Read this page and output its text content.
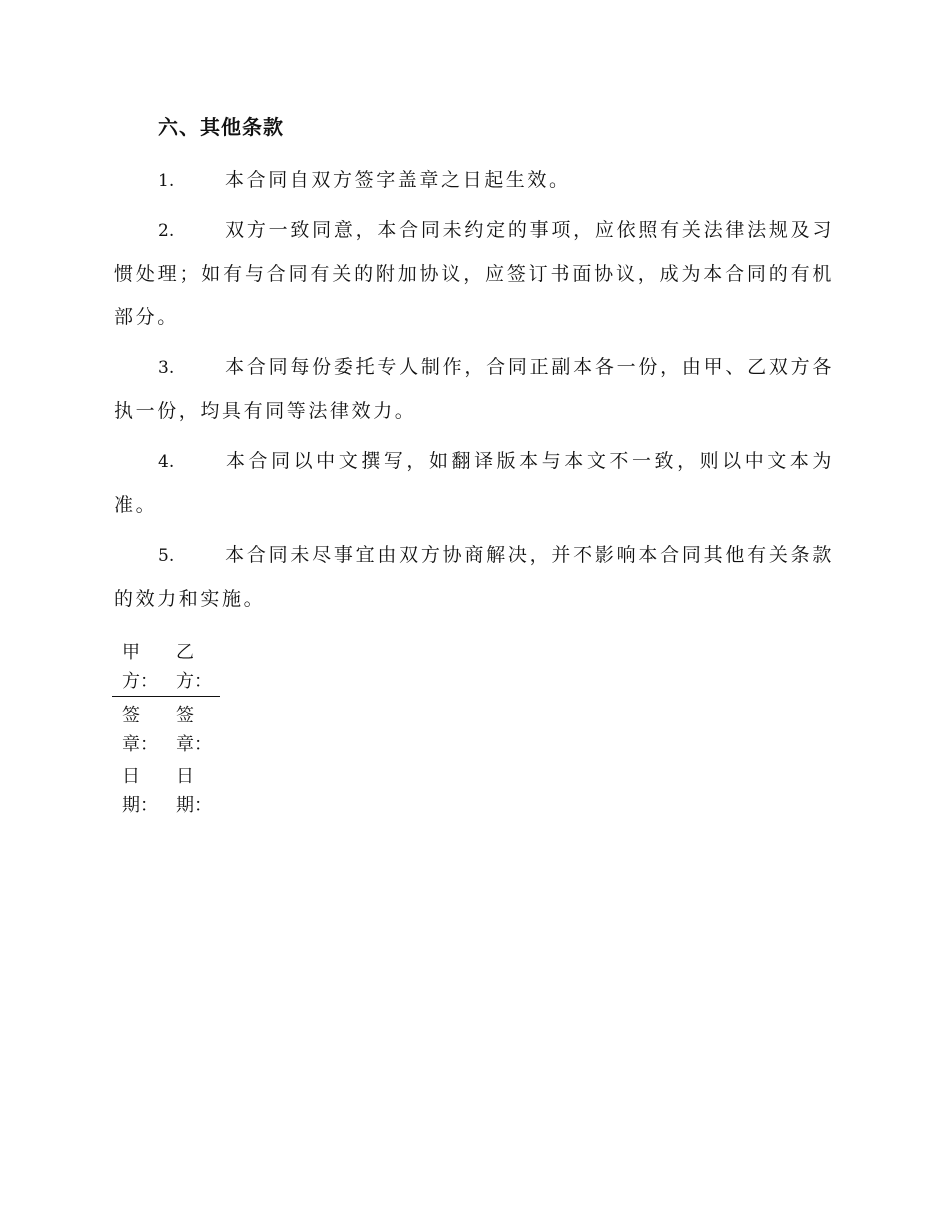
六、其他条款
1.	本合同自双方签字盖章之日起生效。
2.	双方一致同意，本合同未约定的事项，应依照有关法律法规及习惯处理；如有与合同有关的附加协议，应签订书面协议，成为本合同的有机部分。
3.	本合同每份委托专人制作，合同正副本各一份，由甲、乙双方各执一份，均具有同等法律效力。
4.	本合同以中文撰写，如翻译版本与本文不一致，则以中文本为准。
5.	本合同未尽事宜由双方协商解决，并不影响本合同其他有关条款的效力和实施。
甲方：	乙方：

签章：	签章：

日期：	日期：
